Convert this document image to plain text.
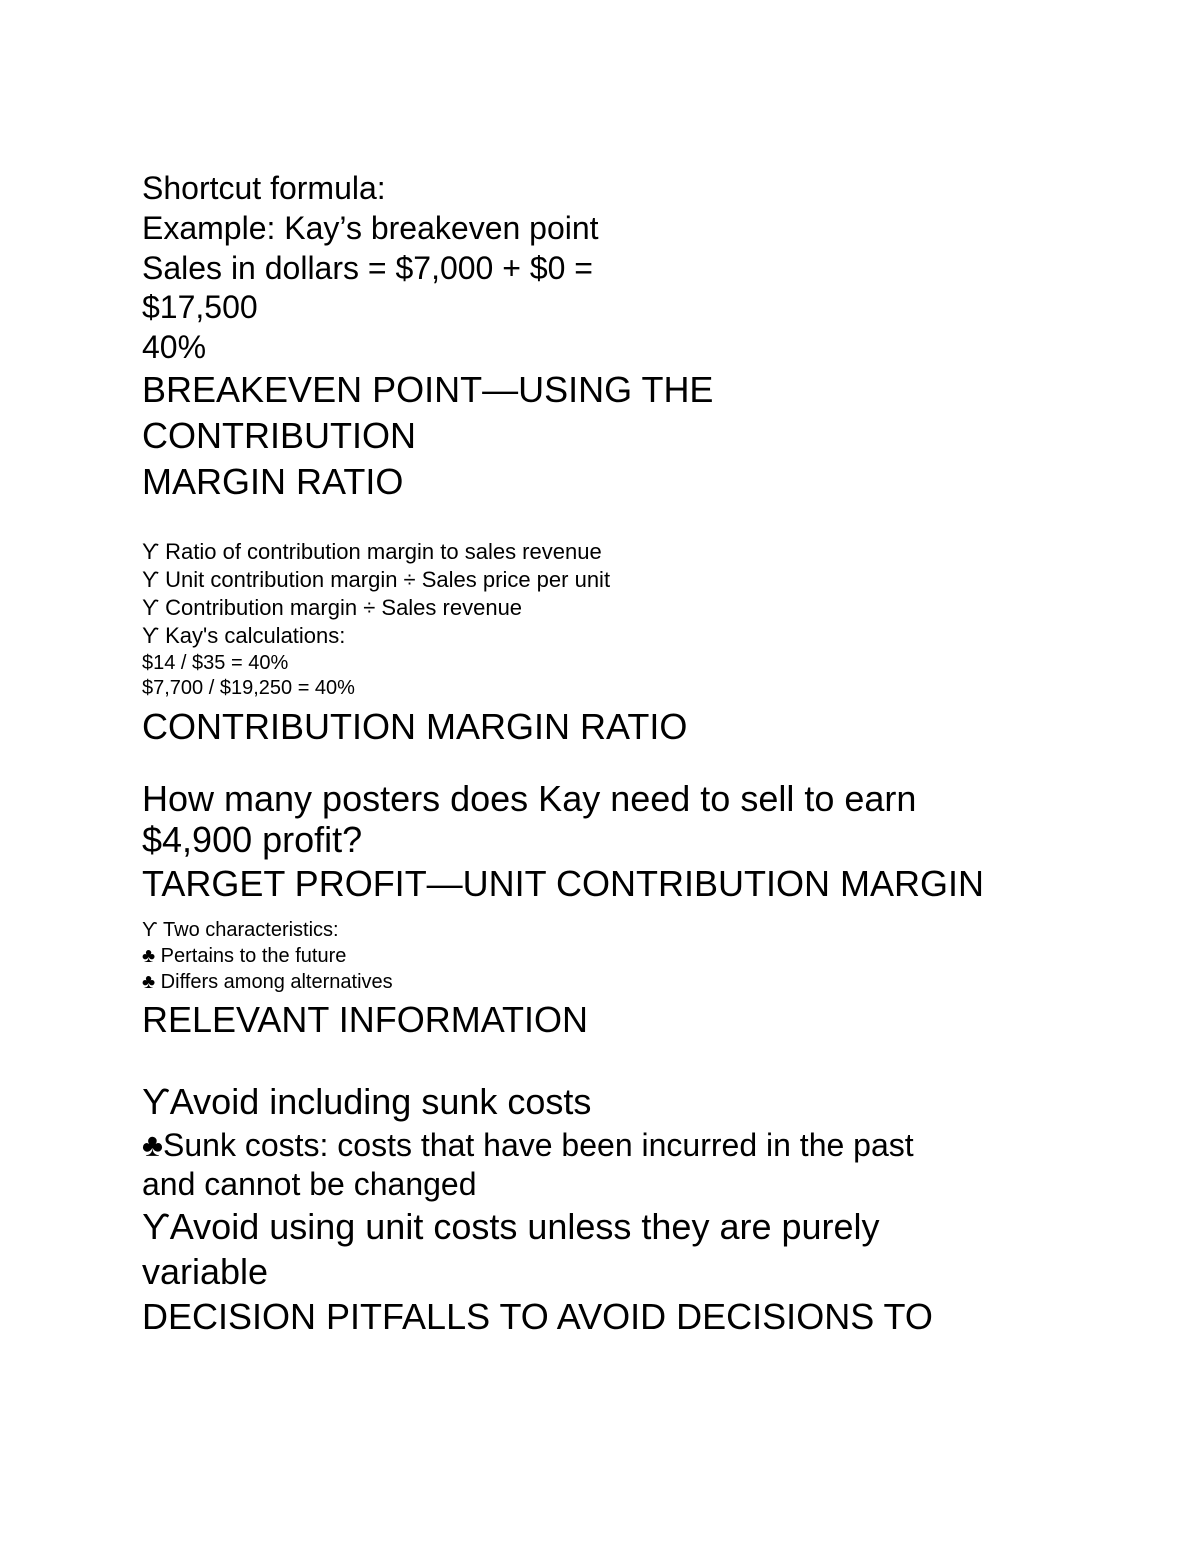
Shortcut formula:
Example: Kay’s breakeven point
Sales in dollars = $7,000 + $0 =
$17,500
40%
BREAKEVEN POINT—USING THE
CONTRIBUTION
MARGIN RATIO
ϒ Ratio of contribution margin to sales revenue
ϒ Unit contribution margin ÷ Sales price per unit
ϒ Contribution margin ÷ Sales revenue
ϒ Kay's calculations:
$14 / $35 = 40%
$7,700 / $19,250 = 40%
CONTRIBUTION MARGIN RATIO
How many posters does Kay need to sell to earn
$4,900 profit?
TARGET PROFIT—UNIT CONTRIBUTION MARGIN
ϒ Two characteristics:
♣ Pertains to the future
♣ Differs among alternatives
RELEVANT INFORMATION
ϒAvoid including sunk costs
♣Sunk costs: costs that have been incurred in the past
and cannot be changed
ϒAvoid using unit costs unless they are purely
variable
DECISION PITFALLS TO AVOID DECISIONS TO
